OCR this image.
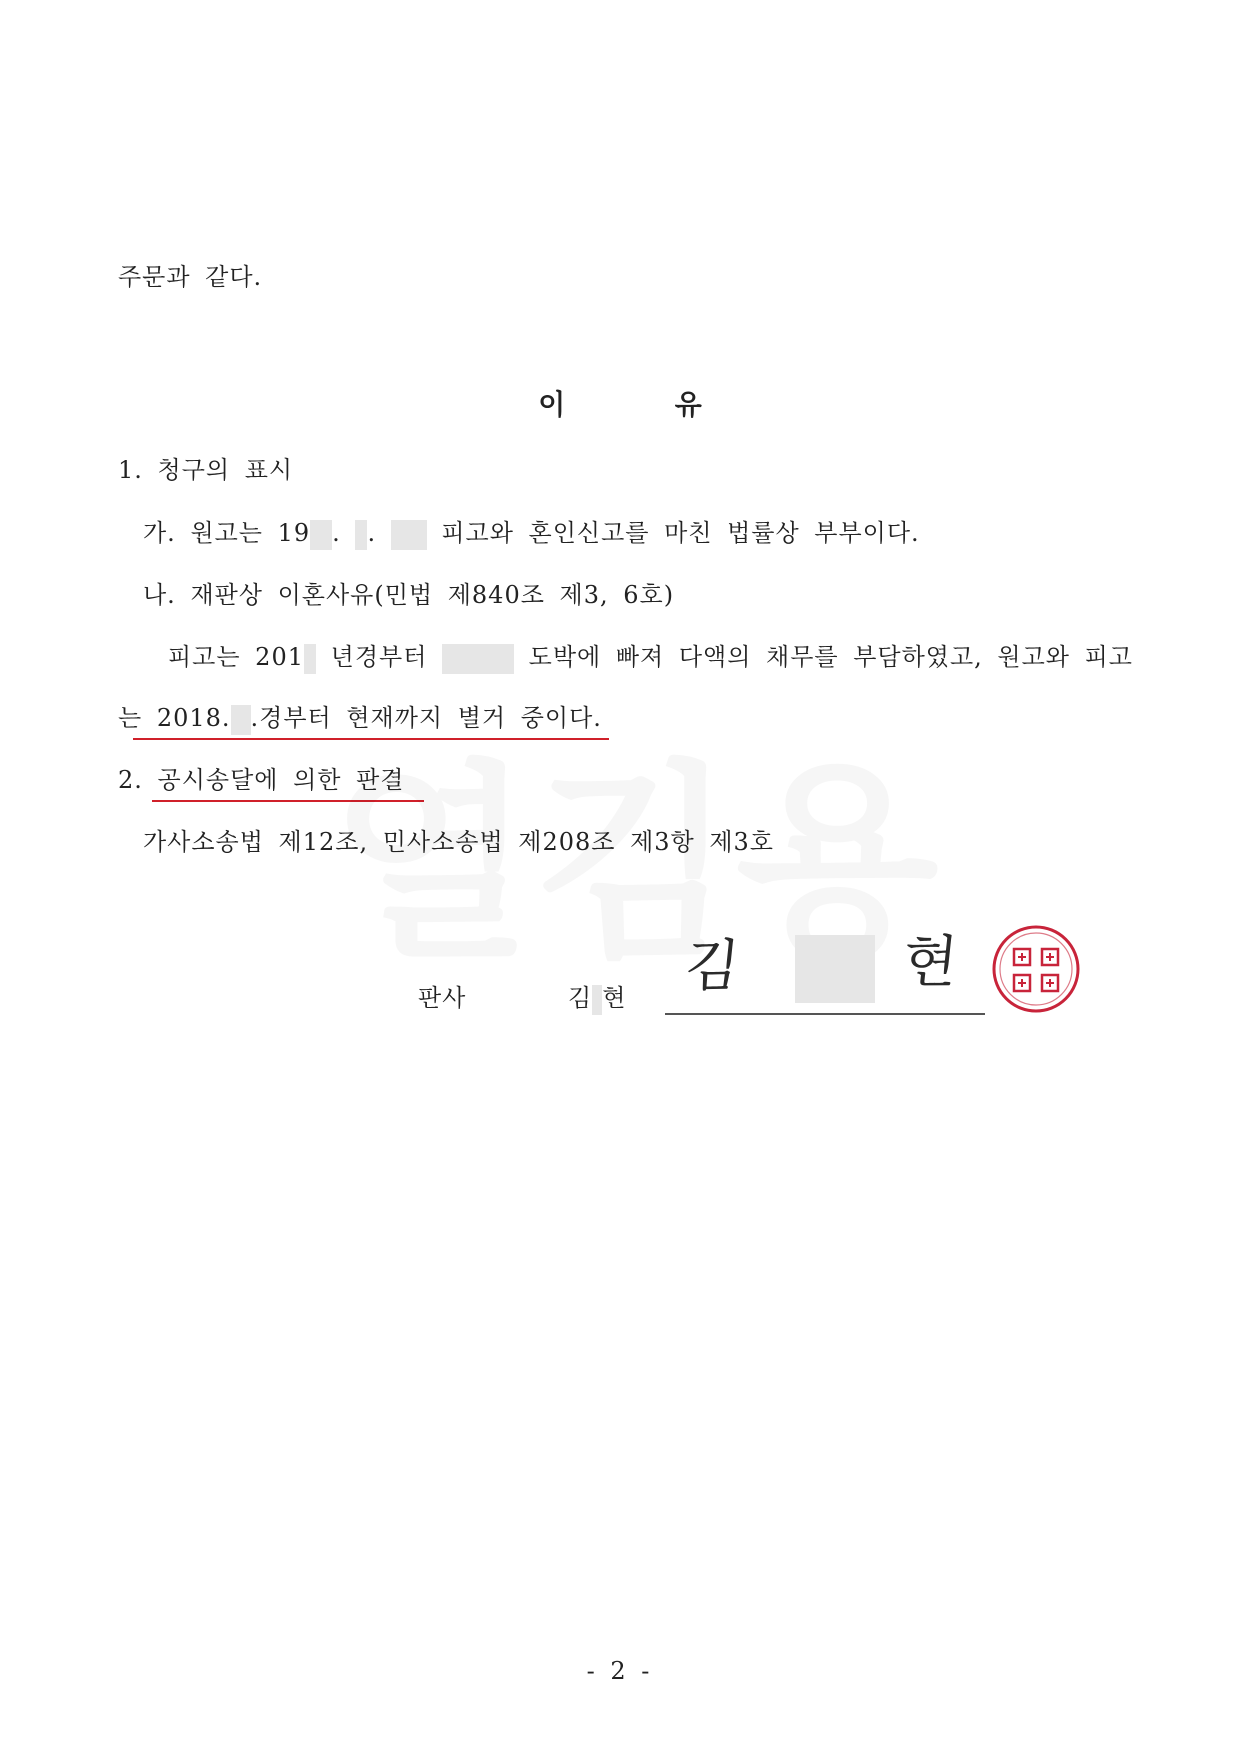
주문과 같다.
이	유
1. 청구의 표시
가. 원고는 19 . .	피고와 혼인신고를 마친 법률상 부부이다.
나. 재판상 이혼사유(민법 제840조 제3, 6호)
피고는 201 년경부터	도박에 빠져 다액의 채무를 부담하였고, 원고와 피고
는 2018. .경부터 현재까지 별거 중이다.
2. 공시송달에 의한 판결
가사소송법 제12조, 민사소송법 제208조 제3항 제3호
판사	김 현 김	현
- 2 -
